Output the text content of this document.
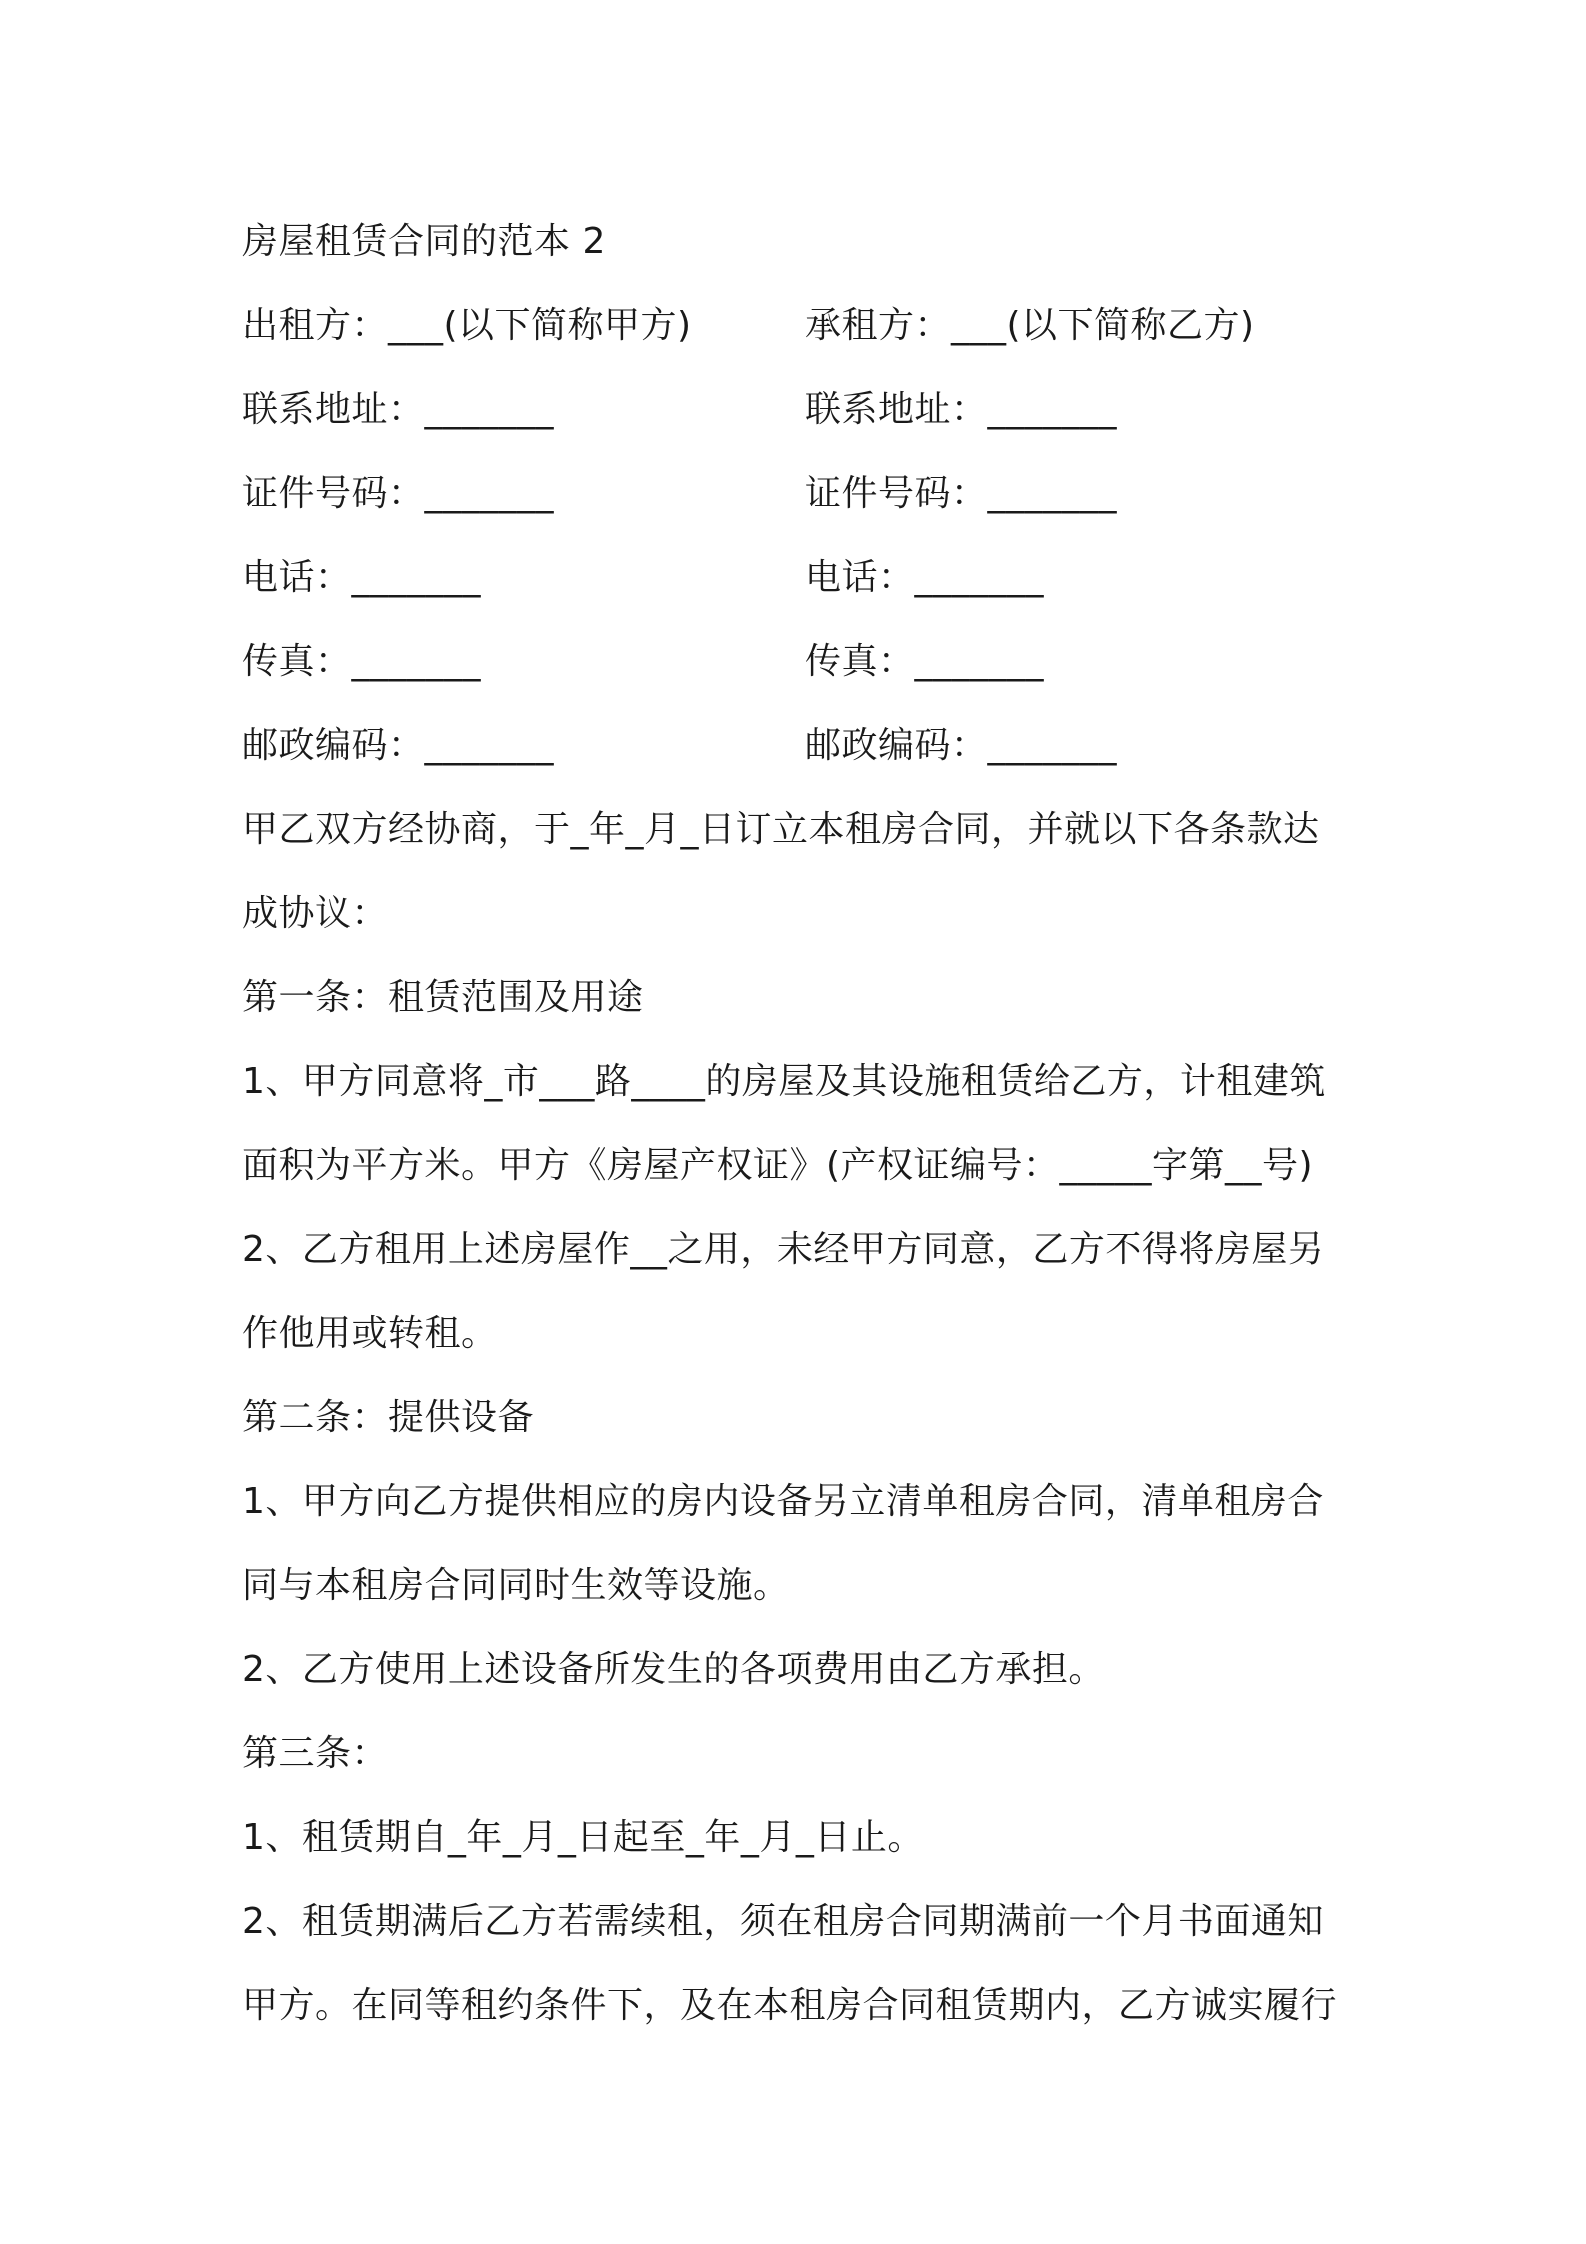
房屋租赁合同的范本 2
出租方：___(以下简称甲方)	承租方：___(以下简称乙方)
联系地址：_______	联系地址：_______
证件号码：_______	证件号码：_______
电话：_______	电话：_______
传真：_______	传真：_______
邮政编码：_______	邮政编码：_______
甲乙双方经协商，于_年_月_日订立本租房合同，并就以下各条款达
成协议：
第一条：租赁范围及用途
1、甲方同意将_市___路____的房屋及其设施租赁给乙方，计租建筑
面积为平方米。甲方《房屋产权证》(产权证编号：_____字第__号)
2、乙方租用上述房屋作__之用，未经甲方同意，乙方不得将房屋另
作他用或转租。
第二条：提供设备
1、甲方向乙方提供相应的房内设备另立清单租房合同，清单租房合
同与本租房合同同时生效等设施。
2、乙方使用上述设备所发生的各项费用由乙方承担。
第三条：
1、租赁期自_年_月_日起至_年_月_日止。
2、租赁期满后乙方若需续租，须在租房合同期满前一个月书面通知
甲方。在同等租约条件下，及在本租房合同租赁期内，乙方诚实履行
